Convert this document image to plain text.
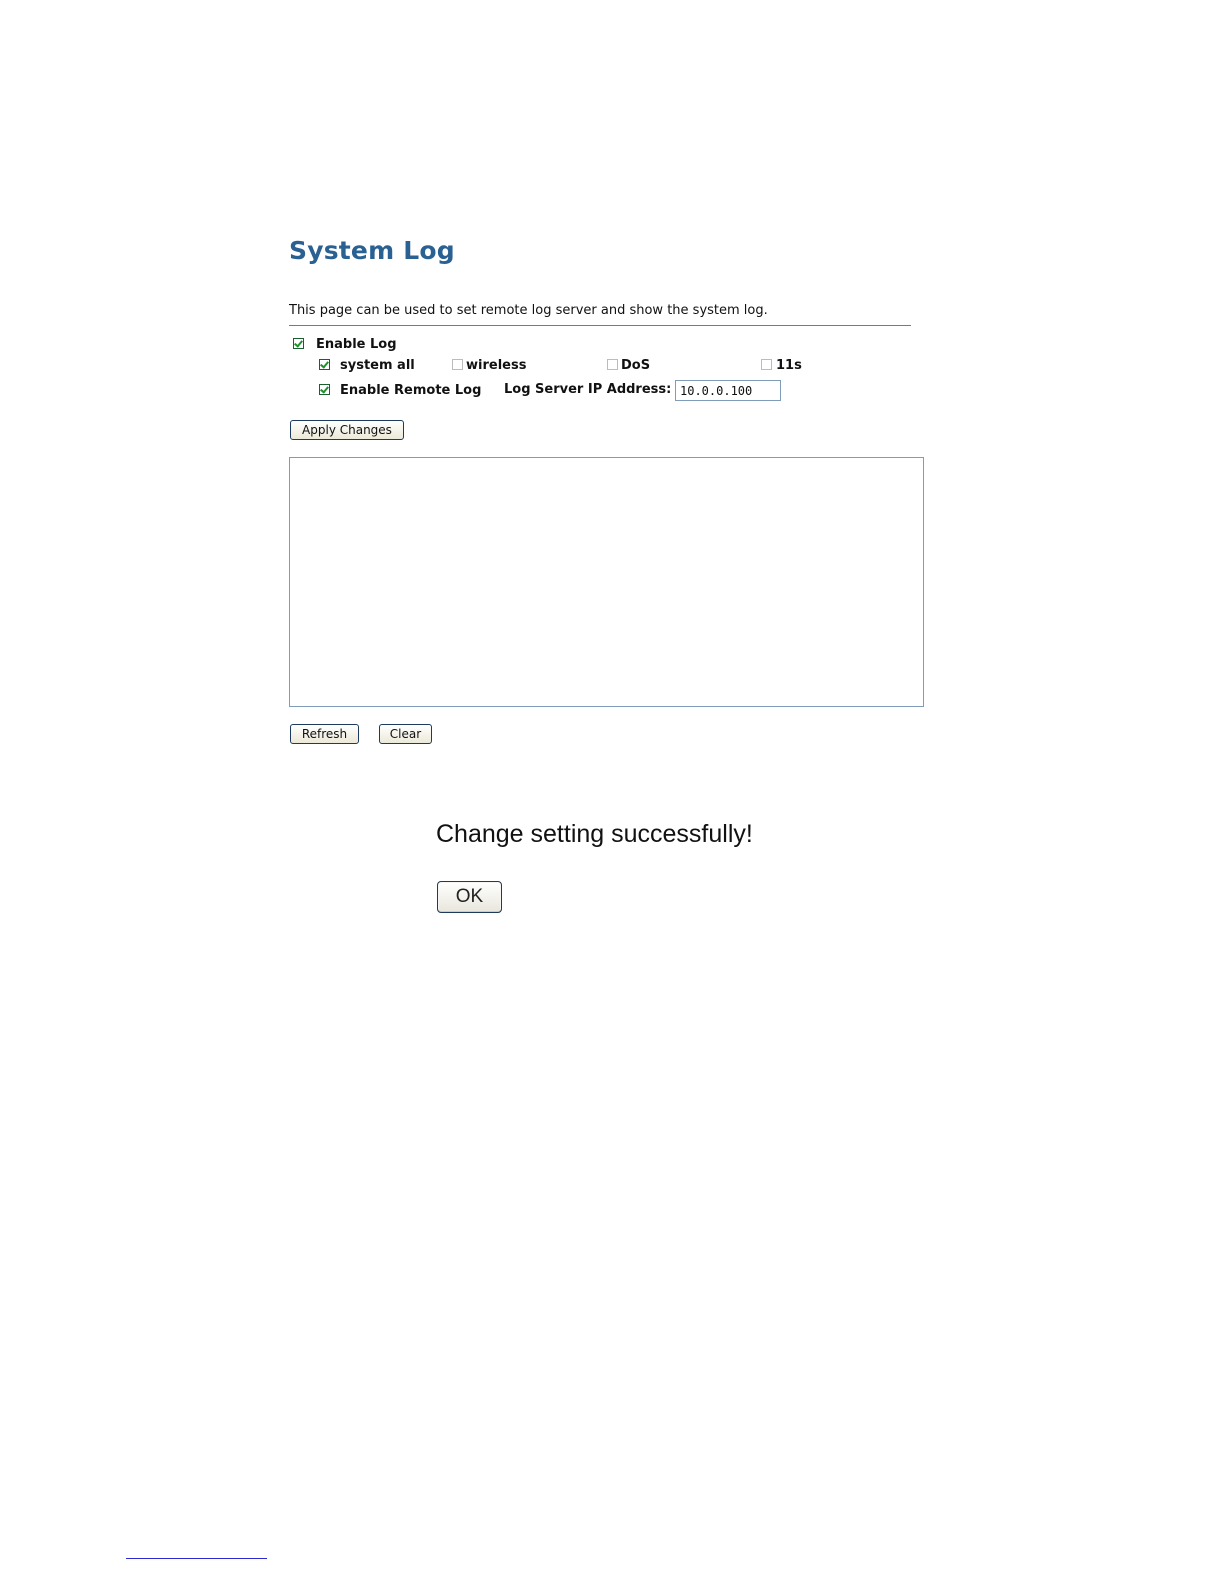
System Log
This page can be used to set remote log server and show the system log.
Enable Log
system all	wireless	DoS	11s
Enable Remote Log Log Server IP Address:
10.0.0.100
Apply Changes
Refresh	Clear
Change setting successfully!
OK
